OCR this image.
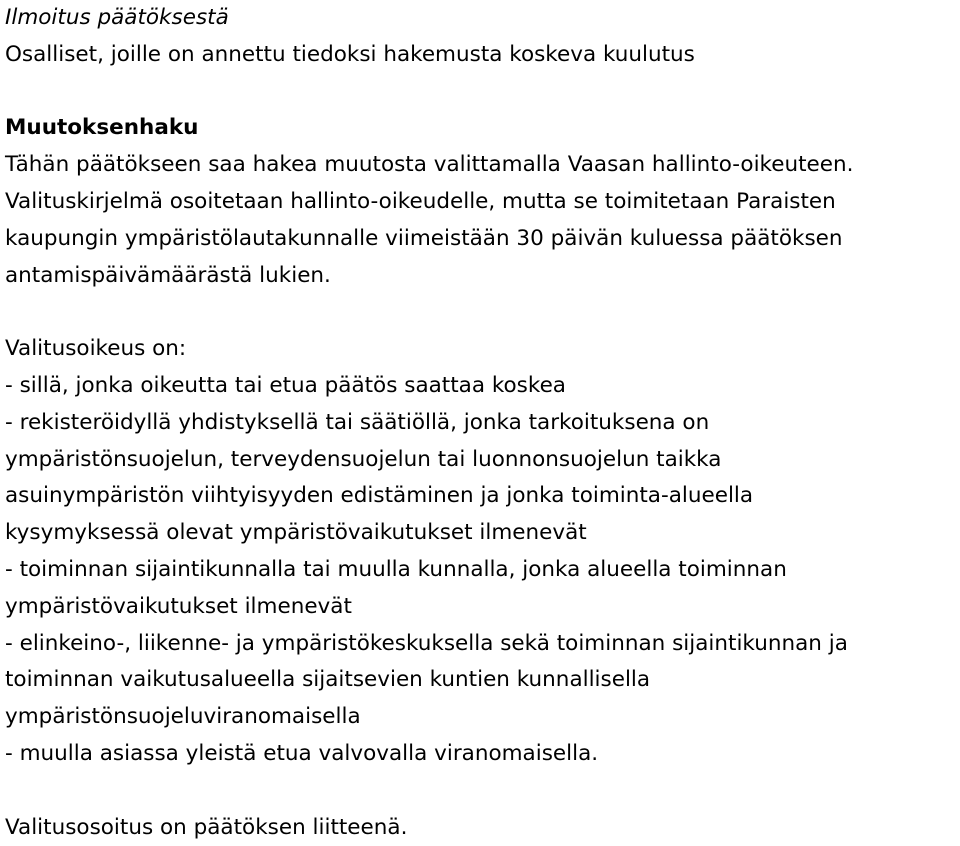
Ilmoitus päätöksestä
Osalliset, joille on annettu tiedoksi hakemusta koskeva kuulutus
Muutoksenhaku
Tähän päätökseen saa hakea muutosta valittamalla Vaasan hallinto-oikeuteen.
Valituskirjelmä osoitetaan hallinto-oikeudelle, mutta se toimitetaan Paraisten
kaupungin ympäristölautakunnalle viimeistään 30 päivän kuluessa päätöksen
antamispäivämäärästä lukien.
Valitusoikeus on:
- sillä, jonka oikeutta tai etua päätös saattaa koskea
- rekisteröidyllä yhdistyksellä tai säätiöllä, jonka tarkoituksena on
ympäristönsuojelun, terveydensuojelun tai luonnonsuojelun taikka
asuinympäristön viihtyisyyden edistäminen ja jonka toiminta-alueella
kysymyksessä olevat ympäristövaikutukset ilmenevät
- toiminnan sijaintikunnalla tai muulla kunnalla, jonka alueella toiminnan
ympäristövaikutukset ilmenevät
- elinkeino-, liikenne- ja ympäristökeskuksella sekä toiminnan sijaintikunnan ja
toiminnan vaikutusalueella sijaitsevien kuntien kunnallisella
ympäristönsuojeluviranomaisella
- muulla asiassa yleistä etua valvovalla viranomaisella.
Valitusosoitus on päätöksen liitteenä.
